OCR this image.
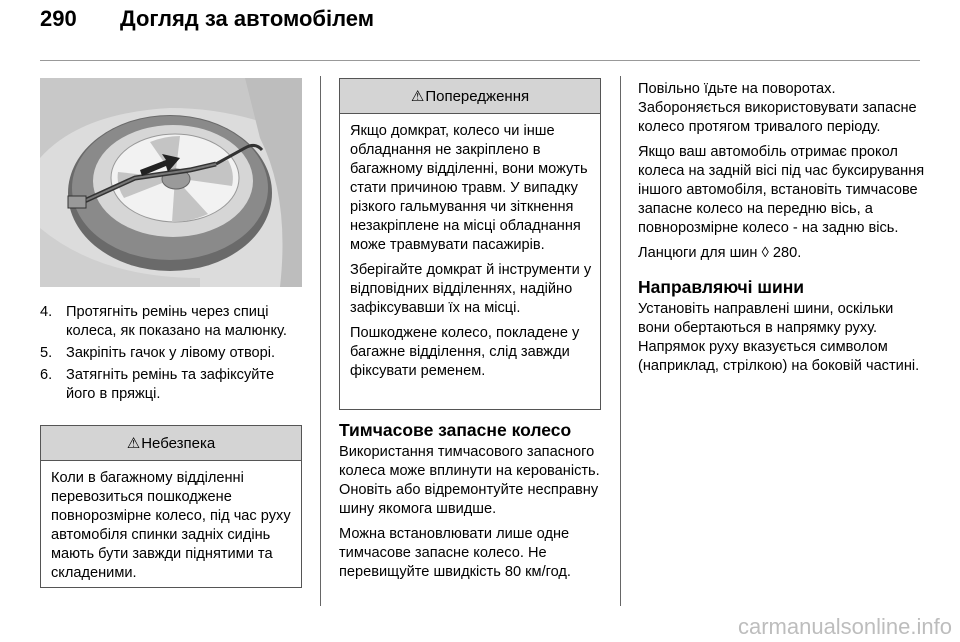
290 Догляд за автомобілем
4. Протягніть ремінь через спиці колеса, як показано на малюнку.
5. Закріпіть гачок у лівому отворі.
6. Затягніть ремінь та зафіксуйте його в пряжці.
⚠ Небезпека

Коли в багажному відділенні перевозиться пошкоджене повнорозмірне колесо, під час руху автомобіля спинки задніх сидінь мають бути завжди піднятими та складеними.

⚠ Попередження

Якщо домкрат, колесо чи інше обладнання не закріплено в багажному відділенні, вони можуть стати причиною травм. У випадку різкого гальмування чи зіткнення незакріплене на місці обладнання може травмувати пасажирів.

Зберігайте домкрат й інструменти у відповідних відділеннях, надійно зафіксувавши їх на місці.

Пошкоджене колесо, покладене у багажне відділення, слід завжди фіксувати ременем.

Тимчасове запасне колесо

Використання тимчасового запасного колеса може вплинути на керованість. Оновіть або відремонтуйте несправну шину якомога швидше.

Можна встановлювати лише одне тимчасове запасне колесо. Не перевищуйте швидкість 80 км/год.

Повільно їдьте на поворотах. Забороняється використовувати запасне колесо протягом тривалого періоду.

Якщо ваш автомобіль отримає прокол колеса на задній вісі під час буксирування іншого автомобіля, встановіть тимчасове запасне колесо на передню вісь, а повнорозмірне колесо - на задню вісь.

Ланцюги для шин ◊ 280.

Направляючі шини

Установіть направлені шини, оскільки вони обертаються в напрямку руху. Напрямок руху вказується символом (наприклад, стрілкою) на боковій частині.

carmanualsonline.info
